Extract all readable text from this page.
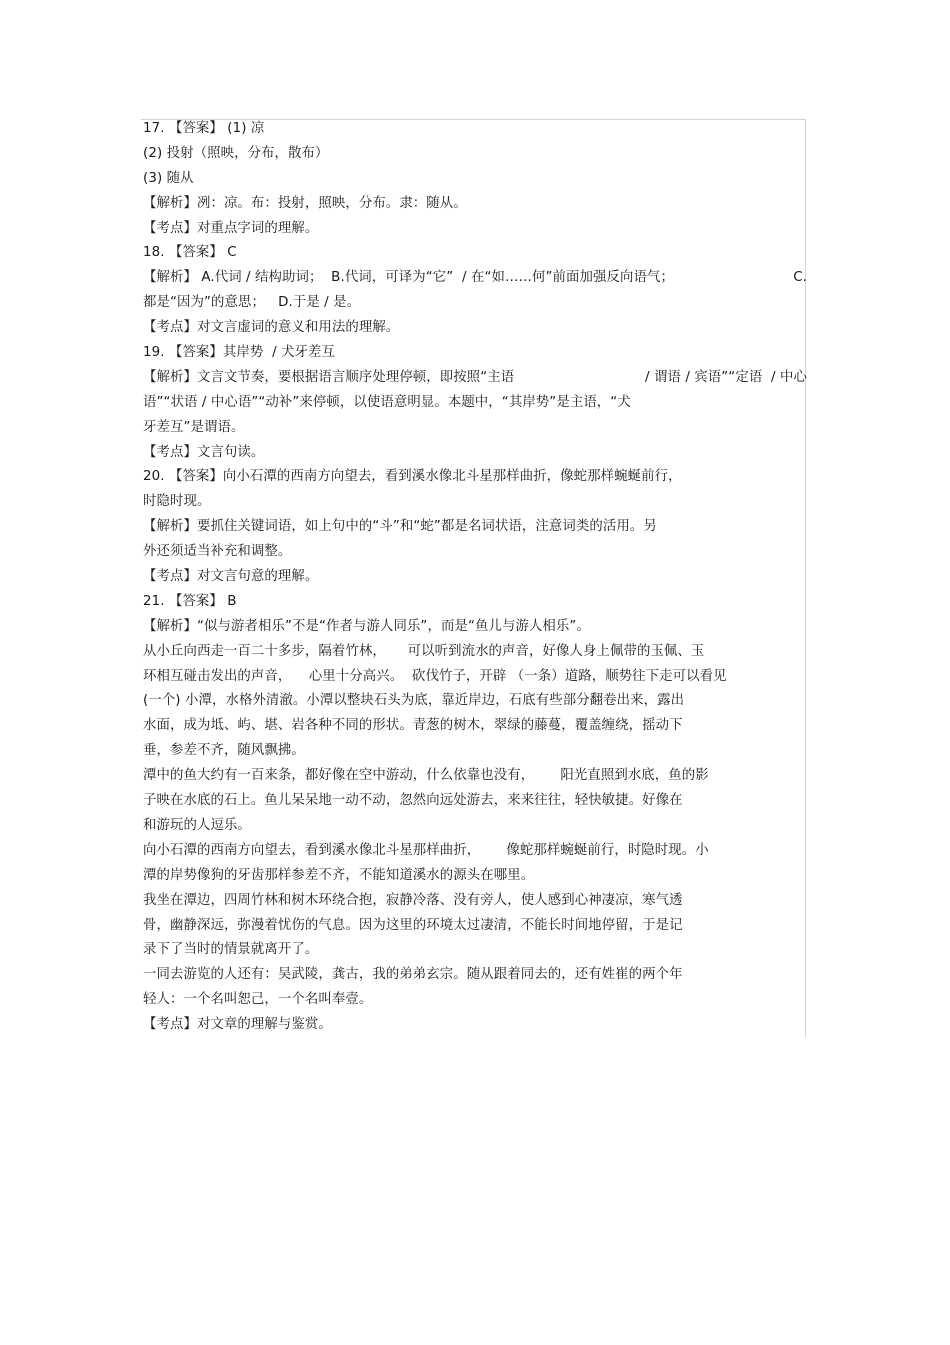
17. 【答案】 (1) 凉
(2) 投射（照映，分布，散布）
(3) 随从
【解析】冽：凉。布：投射，照映，分布。隶：随从。
【考点】对重点字词的理解。
18. 【答案】 C
【解析】 A.代词 / 结构助词；  B.代词，可译为“它”  / 在“如……何”前面加强反向语气；	C.
都是“因为”的意思；   D.于是 / 是。
【考点】对文言虚词的意义和用法的理解。
19. 【答案】其岸势  / 犬牙差互
【解析】文言文节奏，要根据语言顺序处理停顿，即按照“主语	/ 谓语 / 宾语”“定语  / 中心
语”“状语 / 中心语”“动补”来停顿，以使语意明显。本题中，“其岸势”是主语，“犬
牙差互”是谓语。
【考点】文言句读。
20. 【答案】向小石潭的西南方向望去，看到溪水像北斗星那样曲折，像蛇那样蜿蜒前行，
时隐时现。
【解析】要抓住关键词语，如上句中的“斗”和“蛇”都是名词状语，注意词类的活用。另
外还须适当补充和调整。
【考点】对文言句意的理解。
21. 【答案】 B
【解析】“似与游者相乐”不是“作者与游人同乐”，而是“鱼儿与游人相乐”。
从小丘向西走一百二十多步，隔着竹林，     可以听到流水的声音，好像人身上佩带的玉佩、玉
环相互碰击发出的声音，    心里十分高兴。  砍伐竹子，开辟 （一条）道路，顺势往下走可以看见
(一个) 小潭，水格外清澈。小潭以整块石头为底，靠近岸边，石底有些部分翻卷出来，露出
水面，成为坻、屿、堪、岩各种不同的形状。青葱的树木，翠绿的藤蔓，覆盖缠绕，摇动下
垂，参差不齐，随风飘拂。
潭中的鱼大约有一百来条，都好像在空中游动，什么依靠也没有，      阳光直照到水底，鱼的影
子映在水底的石上。鱼儿呆呆地一动不动，忽然向远处游去，来来往往，轻快敏捷。好像在
和游玩的人逗乐。
向小石潭的西南方向望去，看到溪水像北斗星那样曲折，      像蛇那样蜿蜒前行，时隐时现。小
潭的岸势像狗的牙齿那样参差不齐，不能知道溪水的源头在哪里。
我坐在潭边，四周竹林和树木环绕合抱，寂静冷落、没有旁人，使人感到心神凄凉，寒气透
骨，幽静深远，弥漫着忧伤的气息。因为这里的环境太过凄清，不能长时间地停留，于是记
录下了当时的情景就离开了。
一同去游览的人还有：吴武陵，龚古，我的弟弟玄宗。随从跟着同去的，还有姓崔的两个年
轻人：一个名叫恕己，一个名叫奉壹。
【考点】对文章的理解与鉴赏。
